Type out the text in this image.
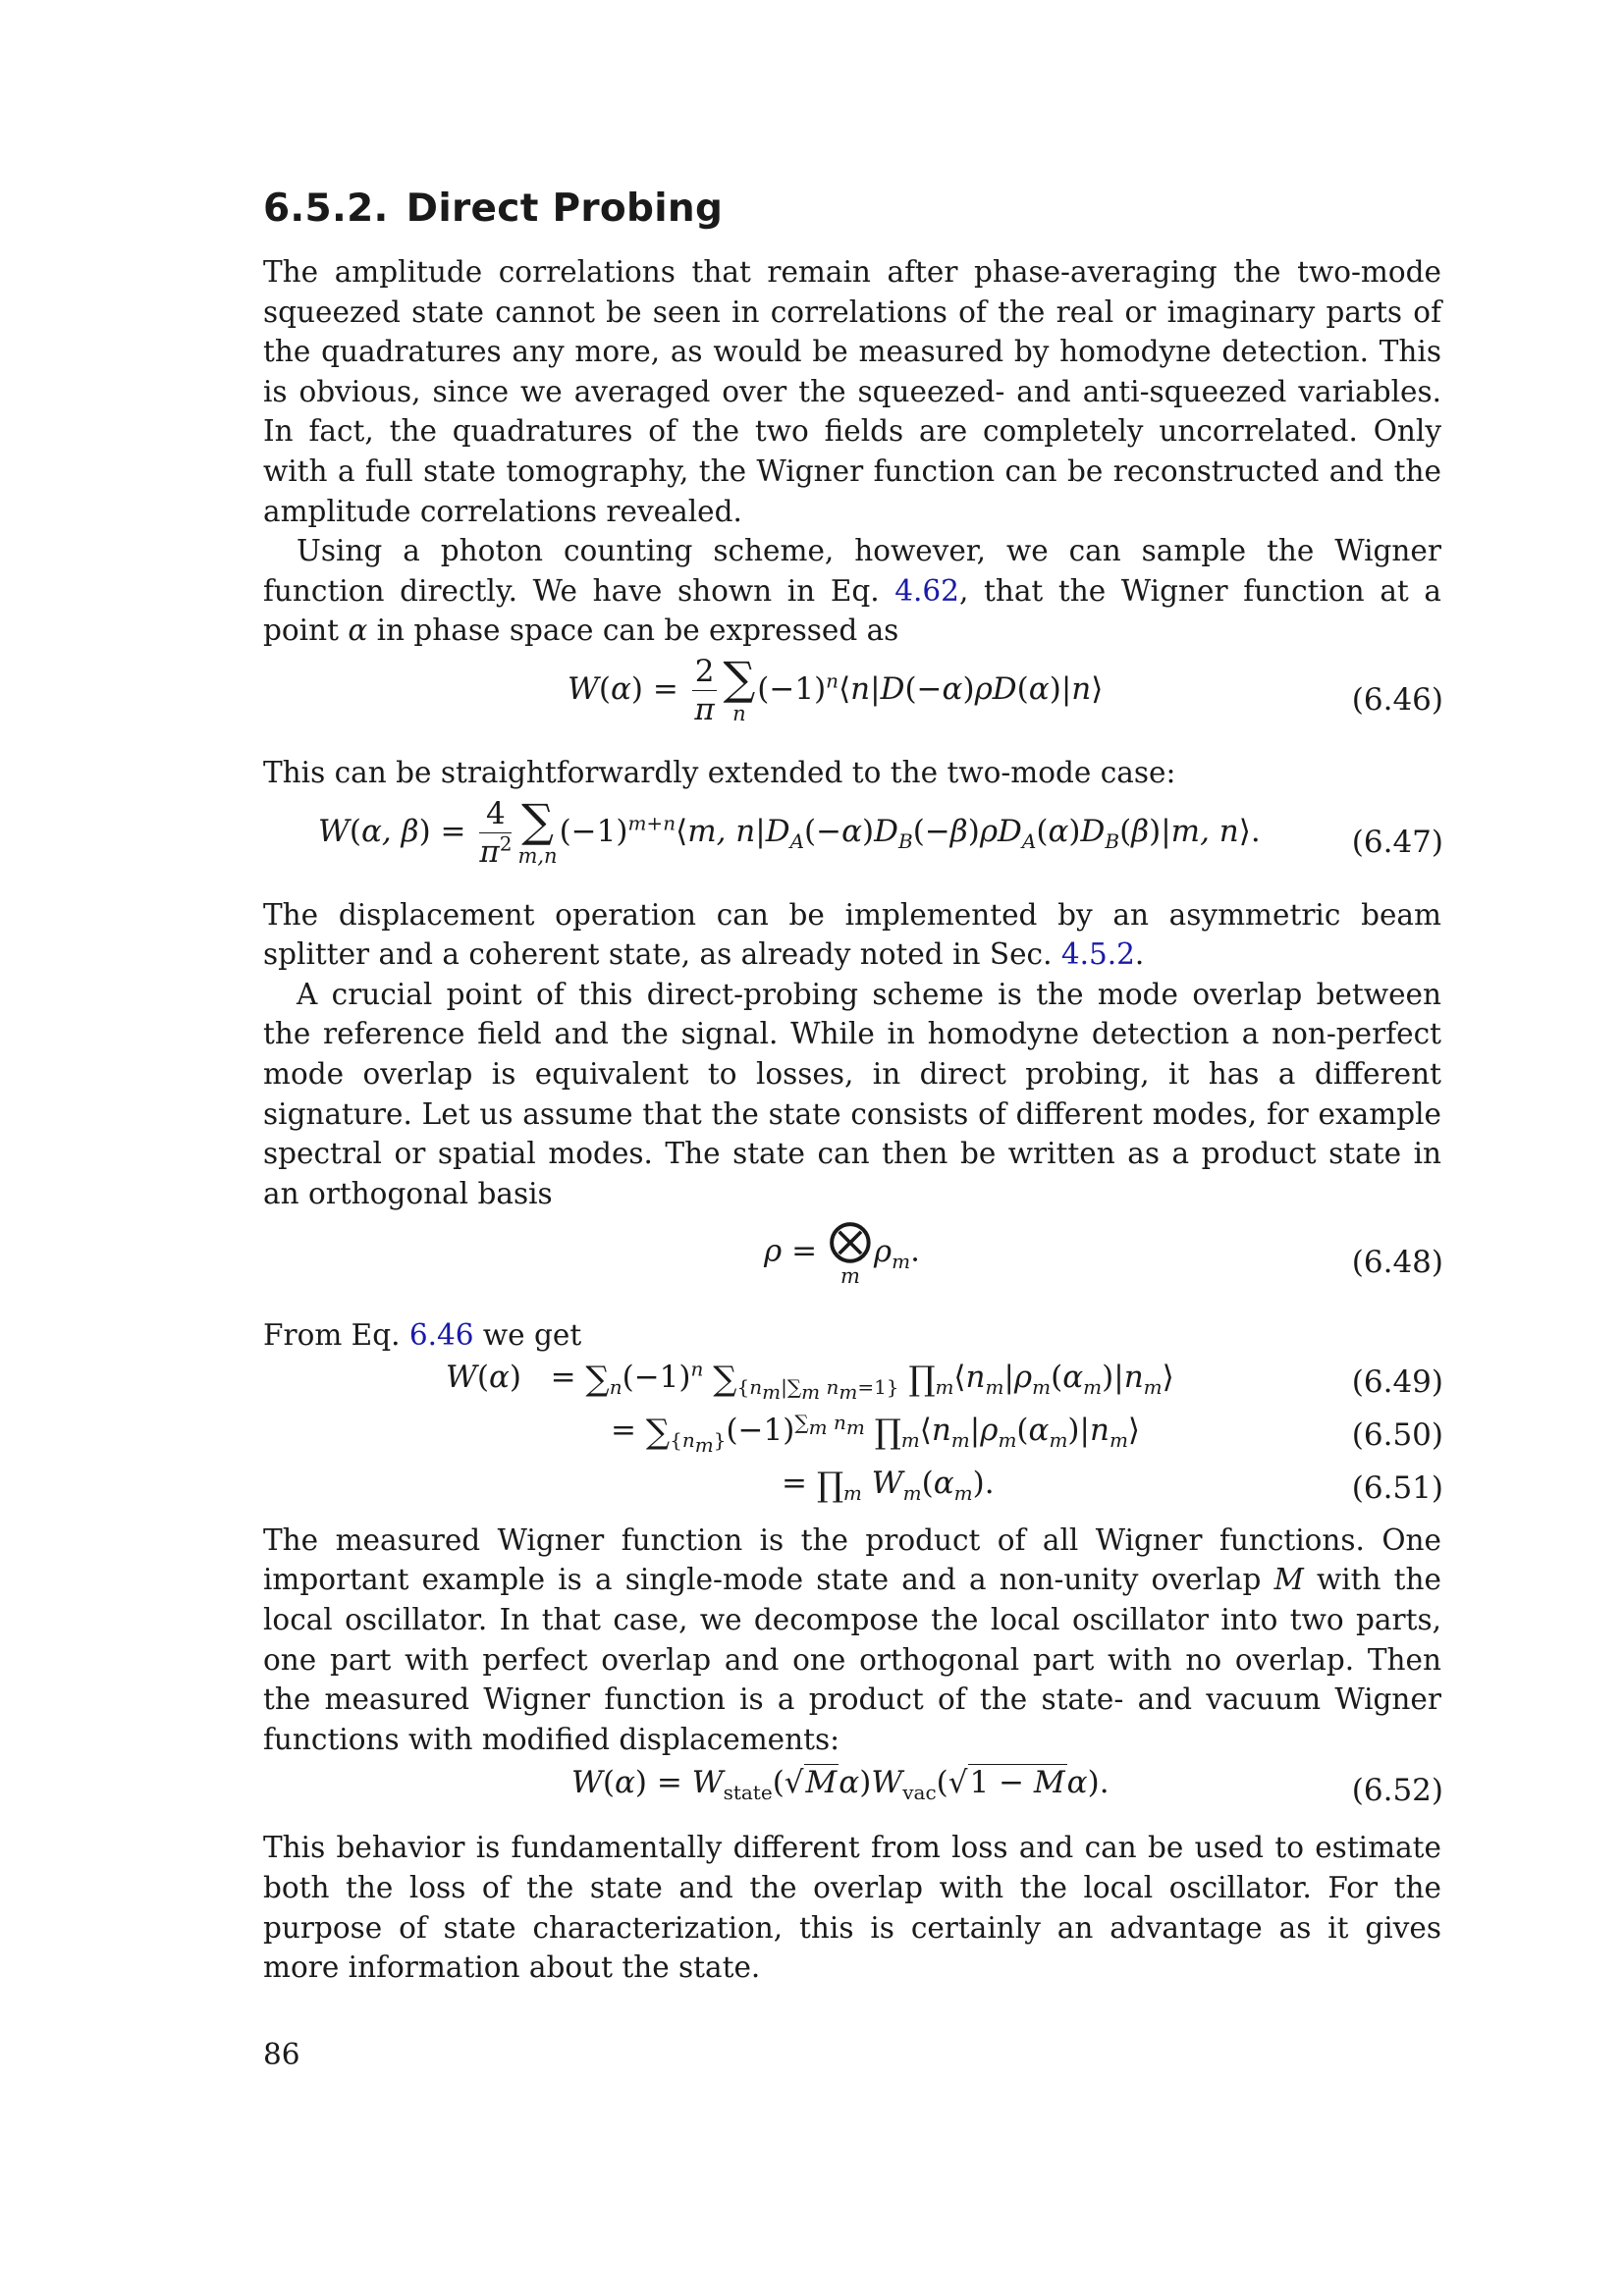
6.5.2. Direct Probing

The amplitude correlations that remain after phase-averaging the two-mode squeezed state cannot be seen in correlations of the real or imaginary parts of the quadratures any more, as would be measured by homodyne detection. This is obvious, since we averaged over the squeezed- and anti-squeezed variables. In fact, the quadratures of the two fields are completely uncorrelated. Only with a full state tomography, the Wigner function can be reconstructed and the amplitude correlations revealed.

Using a photon counting scheme, however, we can sample the Wigner function directly. We have shown in Eq. 4.62, that the Wigner function at a point α in phase space can be expressed as

$W(\alpha) = \frac{2}{\pi}$ ∑
n
$(-1)^n⟨n|D(-\alpha)\rho D(\alpha)|n⟩$	(6.46)

This can be straightforwardly extended to the two-mode case:

W(α, $\beta) = \frac{4}{\pi^2}$ ∑
m,n
$(-1)^{m+n}⟨m$, $n|D_A(-\alpha)D_B(-\beta)\rho D_A(\alpha)D_B(\beta)|m$, n⟩.	(6.47)

The displacement operation can be implemented by an asymmetric beam splitter and a coherent state, as already noted in Sec. 4.5.2.

A crucial point of this direct-probing scheme is the mode overlap between the reference field and the signal. While in homodyne detection a non-perfect mode overlap is equivalent to losses, in direct probing, it has a different signature. Let us assume that the state consists of different modes, for example spectral or spatial modes. The state can then be written as a product state in an orthogonal basis

ρ = ⨂
m
$\rho_m$.	(6.48)

From Eq. 6.46 we get

$W(\alpha) = \sum_n(-1)^n$ $\sum_{\{n_m|\sum_m n_m=1\}}$ $\prod_m⟨n_m|\rho_m(\alpha_m)|n_m⟩$	(6.49)
= $\sum_{\{n_m\}}(-1)^{\sum_m n_m}$ $\prod_m⟨n_m|\rho_m(\alpha_m)|n_m⟩$	(6.50)
= $\prod_m$ $W_m(\alpha_m)$.	(6.51)

The measured Wigner function is the product of all Wigner functions. One important example is a single-mode state and a non-unity overlap M with the local oscillator. In that case, we decompose the local oscillator into two parts, one part with perfect overlap and one orthogonal part with no overlap. Then the measured Wigner function is a product of the state- and vacuum Wigner functions with modified displacements:

$W(\alpha) = W_{state}(√M\alpha)W_{vac}(√1 - M\alpha)$.	(6.52)

This behavior is fundamentally different from loss and can be used to estimate both the loss of the state and the overlap with the local oscillator. For the purpose of state characterization, this is certainly an advantage as it gives more information about the state.

86
